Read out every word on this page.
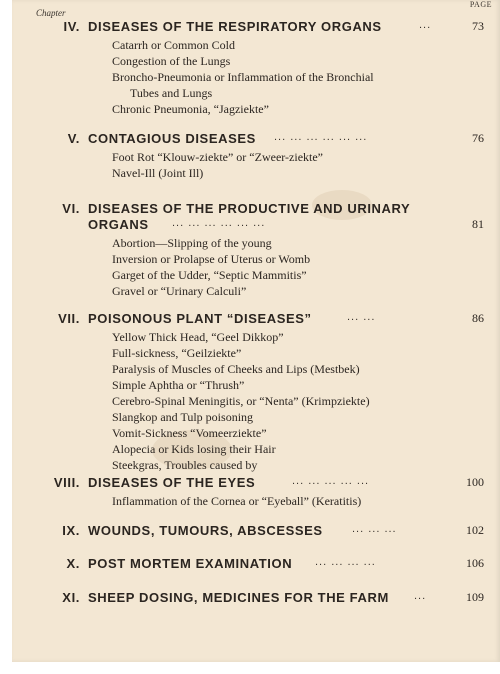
PAGE
Chapter
IV. DISEASES OF THE RESPIRATORY ORGANS	...	73
Catarrh or Common Cold
Congestion of the Lungs
Broncho-Pneumonia or Inflammation of the Bronchial
Tubes and Lungs
Chronic Pneumonia, “Jagziekte”
V. CONTAGIOUS DISEASES ... ... ... ... ... ...	76
Foot Rot “Klouw-ziekte” or “Zweer-ziekte”
Navel-Ill (Joint Ill)
VI. DISEASES OF THE PRODUCTIVE AND URINARY
ORGANS ... ... ... ... ... ...	81
Abortion—Slipping of the young
Inversion or Prolapse of Uterus or Womb
Garget of the Udder, “Septic Mammitis”
Gravel or “Urinary Calculi”
VII. POISONOUS PLANT “DISEASES”	... ...	86
Yellow Thick Head, “Geel Dikkop”
Full-sickness, “Geilziekte”
Paralysis of Muscles of Cheeks and Lips (Mestbek)
Simple Aphtha or “Thrush”
Cerebro-Spinal Meningitis, or “Nenta” (Krimpziekte)
Slangkop and Tulp poisoning
Vomit-Sickness “Vomeerziekte”
Alopecia or Kids losing their Hair
Steekgras, Troubles caused by
VIII. DISEASES OF THE EYES	... ... ... ... ...	100
Inflammation of the Cornea or “Eyeball” (Keratitis)
IX. WOUNDS, TUMOURS, ABSCESSES	... ... ...	102
X. POST MORTEM EXAMINATION ... ... ... ...	106
XI. SHEEP DOSING, MEDICINES FOR THE FARM ...	109
